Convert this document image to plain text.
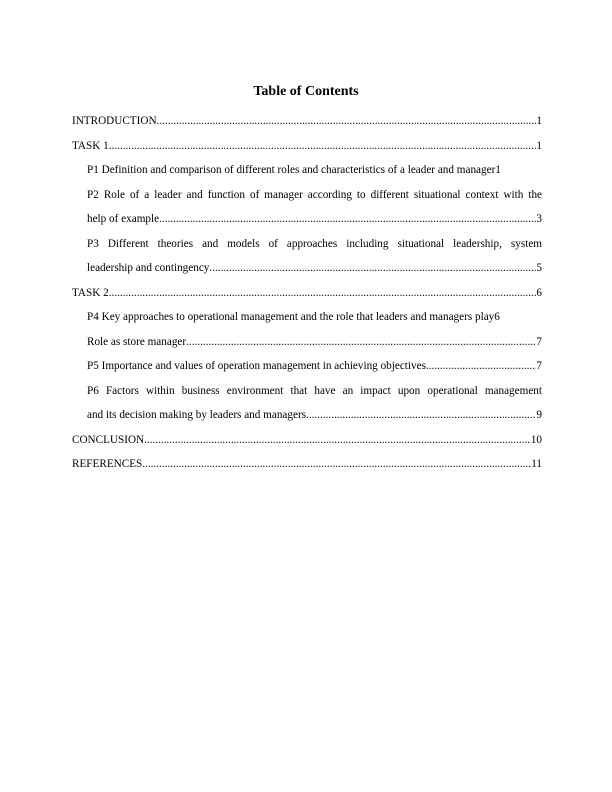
Table of Contents
INTRODUCTION .....	1
TASK 1 .....	1
P1 Definition and comparison of different roles and characteristics of a leader and manager 1
P2 Role of a leader and function of manager according to different situational context with the
help of example .....	3
P3 Different theories and models of approaches including situational leadership, system
leadership and contingency .....	5
TASK 2 .....	6
P4 Key approaches to operational management and the role that leaders and managers play 6
Role as store manager .....	7
P5 Importance and values of operation management in achieving objectives .....	7
P6 Factors within business environment that have an impact upon operational management
and its decision making by leaders and managers .....	9
CONCLUSION .....	10
REFERENCES .....	11
